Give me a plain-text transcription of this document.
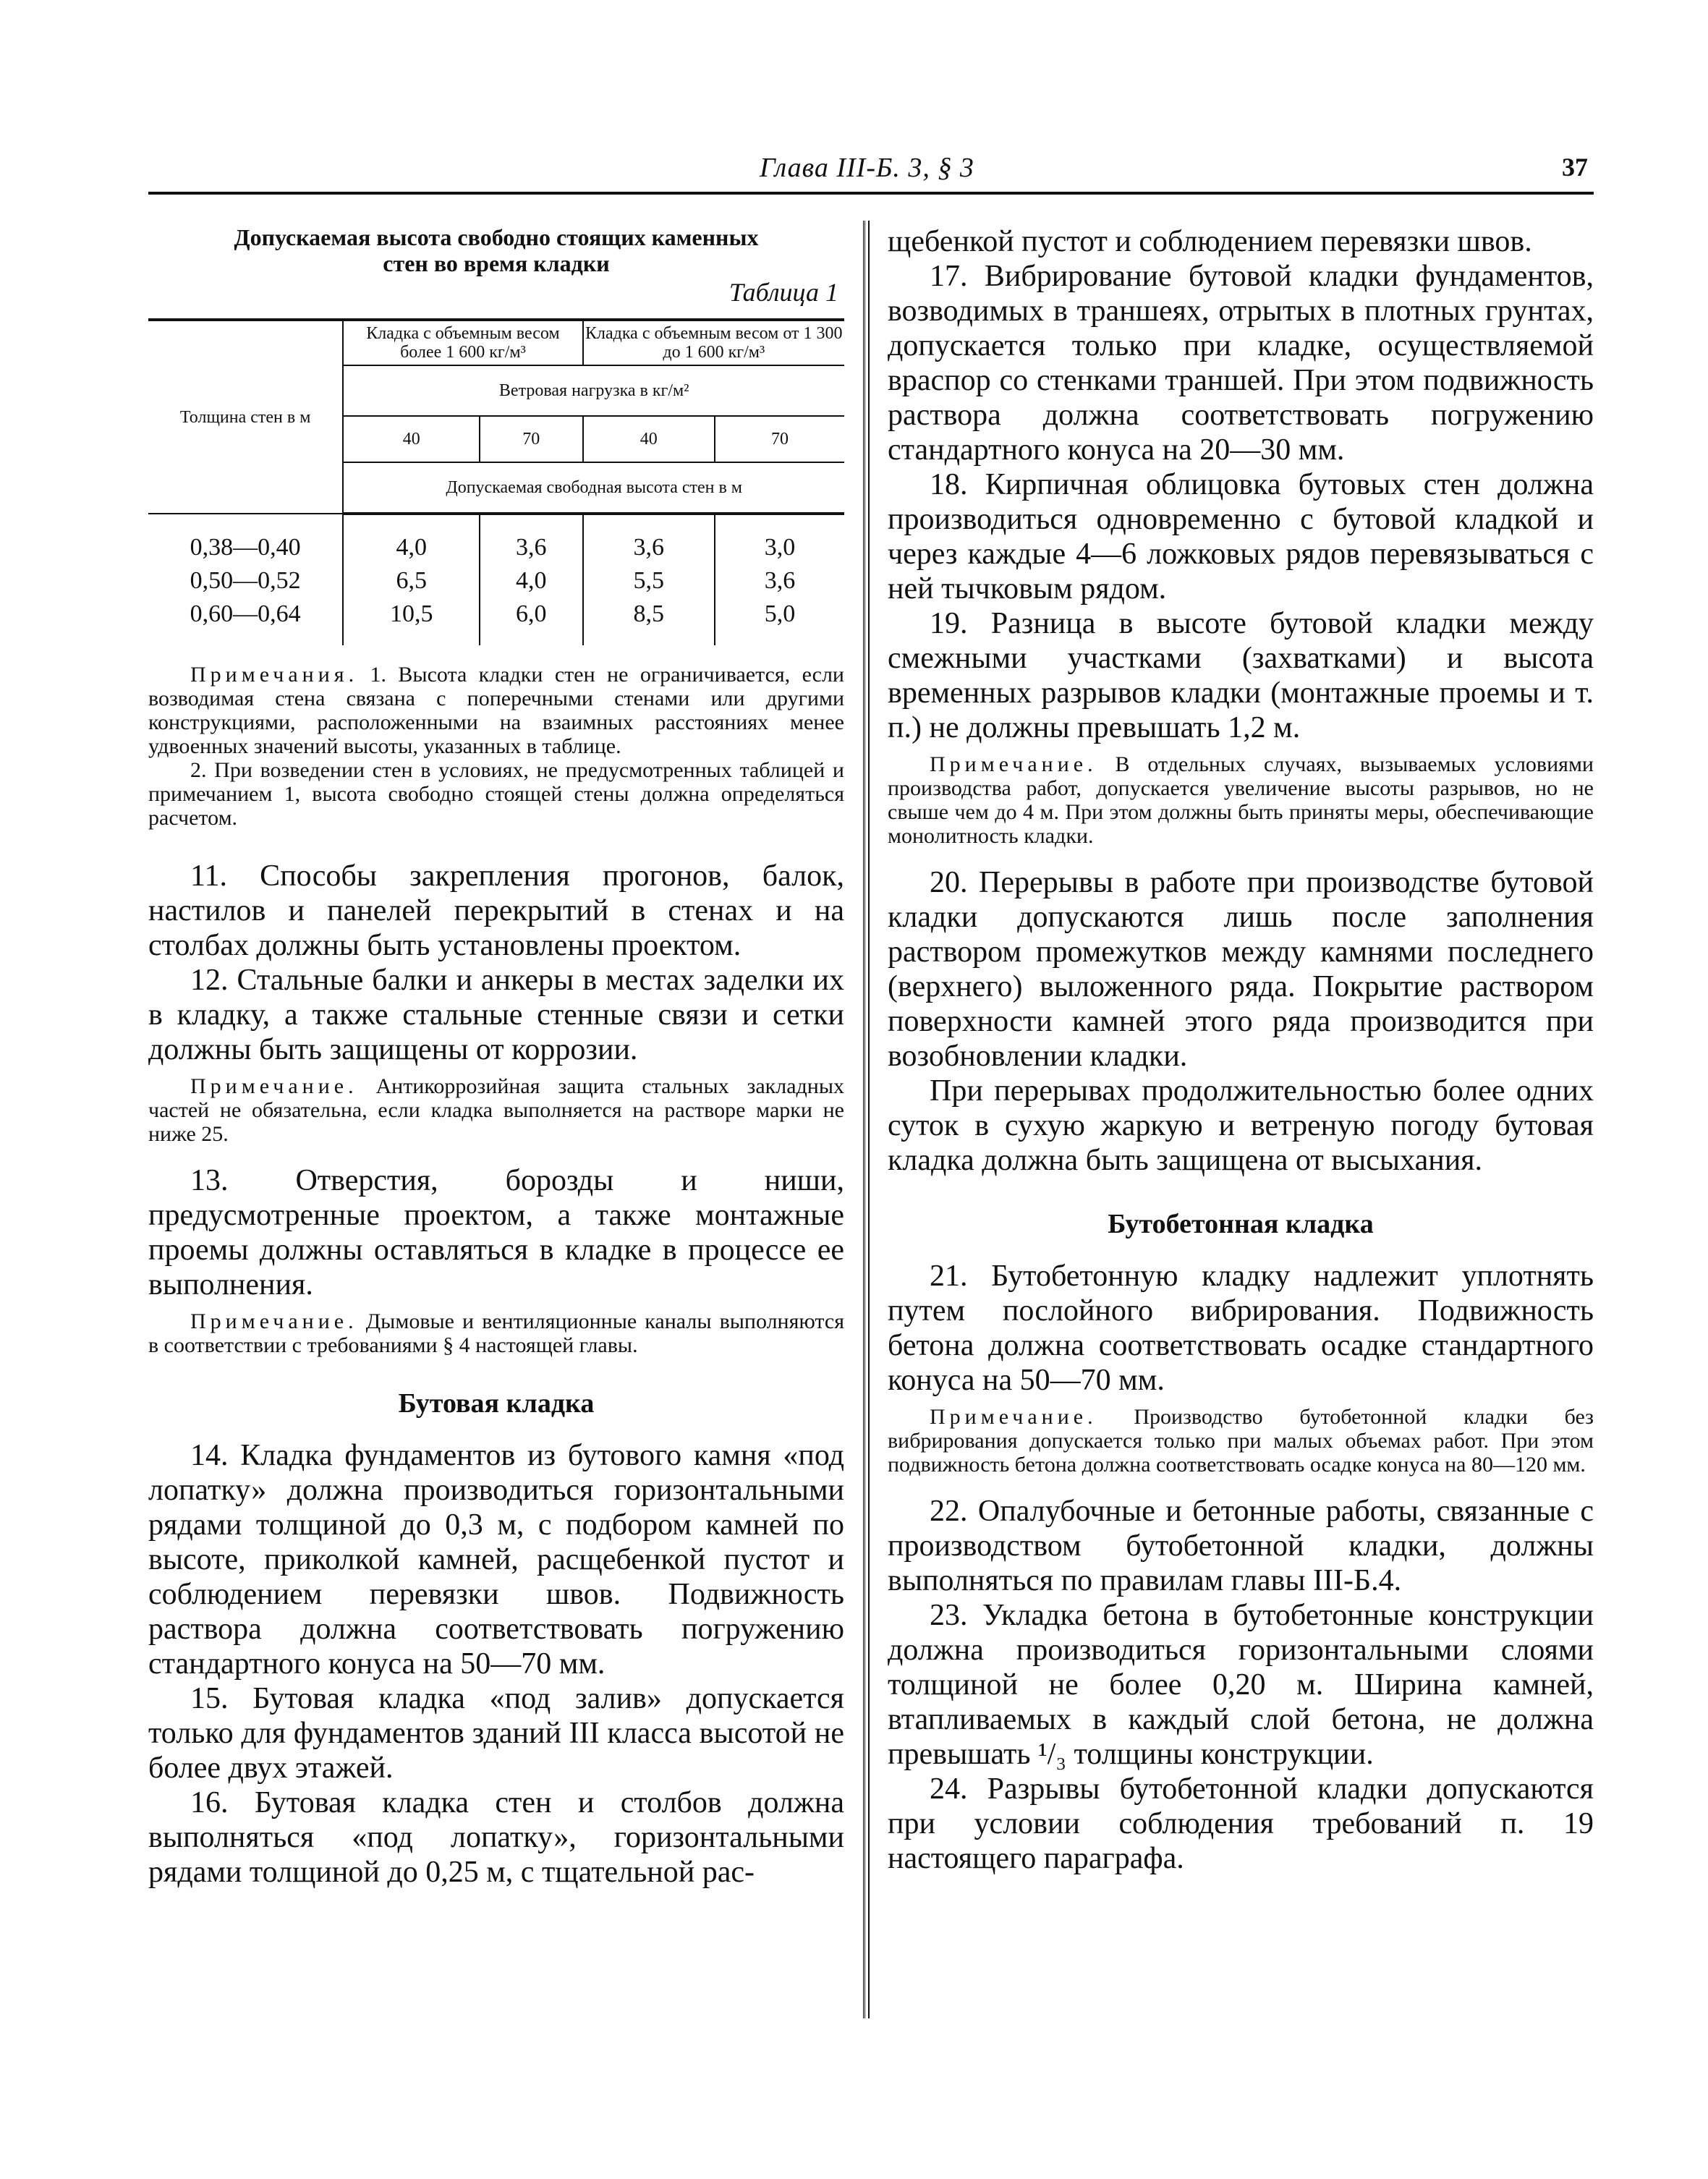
Глава III-Б. 3, § 3	37
Допускаемая высота свободно стоящих каменных
стен во время кладки
Таблица 1
Толщина стен в м	Кладка с объемным весом более 1 600 кг/м³		Кладка с объемным весом от 1 300 до 1 600 кг/м³	
	Ветровая нагрузка в кг/м²			
	40	70	40	70
	Допускаемая свободная высота стен в м			
0,38—0,40	4,0	3,6	3,6	3,0
0,50—0,52	6,5	4,0	5,5	3,6
0,60—0,64	10,5	6,0	8,5	5,0

Примечания. 1. Высота кладки стен не ограничивается, если возводимая стена связана с поперечными стенами или другими конструкциями, расположенными на взаимных расстояниях менее удвоенных значений высоты, указанных в таблице.

2. При возведении стен в условиях, не предусмотренных таблицей и примечанием 1, высота свободно стоящей стены должна определяться расчетом.

11. Способы закрепления прогонов, балок, настилов и панелей перекрытий в стенах и на столбах должны быть установлены проектом.

12. Стальные балки и анкеры в местах заделки их в кладку, а также стальные стенные связи и сетки должны быть защищены от коррозии.

Примечание. Антикоррозийная защита стальных закладных частей не обязательна, если кладка выполняется на растворе марки не ниже 25.

13. Отверстия, борозды и ниши, предусмотренные проектом, а также монтажные проемы должны оставляться в кладке в процессе ее выполнения.

Примечание. Дымовые и вентиляционные каналы выполняются в соответствии с требованиями § 4 настоящей главы.

Бутовая кладка

14. Кладка фундаментов из бутового камня «под лопатку» должна производиться горизонтальными рядами толщиной до 0,3 м, с подбором камней по высоте, приколкой камней, расщебенкой пустот и соблюдением перевязки швов. Подвижность раствора должна соответствовать погружению стандартного конуса на 50—70 мм.

15. Бутовая кладка «под залив» допускается только для фундаментов зданий III класса высотой не более двух этажей.

16. Бутовая кладка стен и столбов должна выполняться «под лопатку», горизонтальными рядами толщиной до 0,25 м, с тщательной рас-

щебенкой пустот и соблюдением перевязки швов.

17. Вибрирование бутовой кладки фундаментов, возводимых в траншеях, отрытых в плотных грунтах, допускается только при кладке, осуществляемой враспор со стенками траншей. При этом подвижность раствора должна соответствовать погружению стандартного конуса на 20—30 мм.

18. Кирпичная облицовка бутовых стен должна производиться одновременно с бутовой кладкой и через каждые 4—6 ложковых рядов перевязываться с ней тычковым рядом.

19. Разница в высоте бутовой кладки между смежными участками (захватками) и высота временных разрывов кладки (монтажные проемы и т. п.) не должны превышать 1,2 м.

Примечание. В отдельных случаях, вызываемых условиями производства работ, допускается увеличение высоты разрывов, но не свыше чем до 4 м. При этом должны быть приняты меры, обеспечивающие монолитность кладки.

20. Перерывы в работе при производстве бутовой кладки допускаются лишь после заполнения раствором промежутков между камнями последнего (верхнего) выложенного ряда. Покрытие раствором поверхности камней этого ряда производится при возобновлении кладки.

При перерывах продолжительностью более одних суток в сухую жаркую и ветреную погоду бутовая кладка должна быть защищена от высыхания.

Бутобетонная кладка

21. Бутобетонную кладку надлежит уплотнять путем послойного вибрирования. Подвижность бетона должна соответствовать осадке стандартного конуса на 50—70 мм.

Примечание. Производство бутобетонной кладки без вибрирования допускается только при малых объемах работ. При этом подвижность бетона должна соответствовать осадке конуса на 80—120 мм.

22. Опалубочные и бетонные работы, связанные с производством бутобетонной кладки, должны выполняться по правилам главы III-Б.4.

23. Укладка бетона в бутобетонные конструкции должна производиться горизонтальными слоями толщиной не более 0,20 м. Ширина камней, втапливаемых в каждый слой бетона, не должна превышать ¹/₃ толщины конструкции.

24. Разрывы бутобетонной кладки допускаются при условии соблюдения требований п. 19 настоящего параграфа.
